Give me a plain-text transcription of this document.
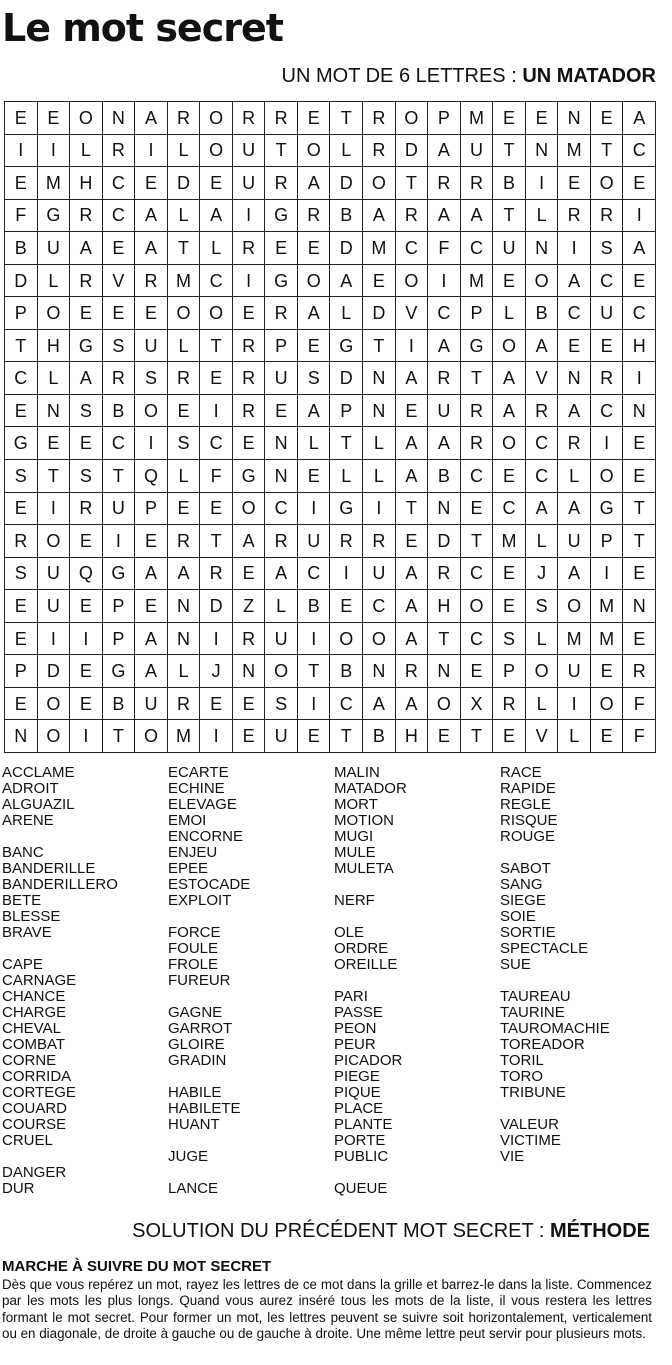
Le mot secret
UN MOT DE 6 LETTRES : UN MATADOR
E	E	O	N	A	R	O	R	R	E	T	R	O	P	M	E	E	N	E	A
I	I	L	R	I	L	O	U	T	O	L	R	D	A	U	T	N	M	T	C
E	M	H	C	E	D	E	U	R	A	D	O	T	R	R	B	I	E	O	E
F	G	R	C	A	L	A	I	G	R	B	A	R	A	A	T	L	R	R	I
B	U	A	E	A	T	L	R	E	E	D	M	C	F	C	U	N	I	S	A
D	L	R	V	R	M	C	I	G	O	A	E	O	I	M	E	O	A	C	E
P	O	E	E	E	O	O	E	R	A	L	D	V	C	P	L	B	C	U	C
T	H	G	S	U	L	T	R	P	E	G	T	I	A	G	O	A	E	E	H
C	L	A	R	S	R	E	R	U	S	D	N	A	R	T	A	V	N	R	I
E	N	S	B	O	E	I	R	E	A	P	N	E	U	R	A	R	A	C	N
G	E	E	C	I	S	C	E	N	L	T	L	A	A	R	O	C	R	I	E
S	T	S	T	Q	L	F	G	N	E	L	L	A	B	C	E	C	L	O	E
E	I	R	U	P	E	E	O	C	I	G	I	T	N	E	C	A	A	G	T
R	O	E	I	E	R	T	A	R	U	R	R	E	D	T	M	L	U	P	T
S	U	Q	G	A	A	R	E	A	C	I	U	A	R	C	E	J	A	I	E
E	U	E	P	E	N	D	Z	L	B	E	C	A	H	O	E	S	O	M	N
E	I	I	P	A	N	I	R	U	I	O	O	A	T	C	S	L	M M	E
P	D	E	G	A	L	J	N	O	T	B	N	R	N	E	P	O	U	E	R
E	O	E	B	U	R	E	E	S	I	C	A	A	O	X	R	L	I	O	F
N	O	I	T	O	M	I	E	U	E	T	B	H	E	T	E	V	L	E	F
ACCLAME
ADROIT
ALGUAZIL
ARENE
BANC
BANDERILLE
BANDERILLERO
BETE
BLESSE
BRAVE
CAPE
CARNAGE
CHANCE
CHARGE
CHEVAL
COMBAT
CORNE
CORRIDA
CORTEGE
COUARD
COURSE
CRUEL
DANGER
DUR
ECARTE
ECHINE
ELEVAGE
EMOI
ENCORNE
ENJEU
EPEE
ESTOCADE
EXPLOIT
FORCE
FOULE
FROLE
FUREUR
GAGNE
GARROT
GLOIRE
GRADIN
HABILE
HABILETE
HUANT
JUGE
LANCE
MALIN
MATADOR
MORT
MOTION
MUGI
MULE
MULETA
NERF
OLE
ORDRE
OREILLE
PARI
PASSE
PEON
PEUR
PICADOR
PIEGE
PIQUE
PLACE
PLANTE
PORTE
PUBLIC
QUEUE
RACE
RAPIDE
REGLE
RISQUE
ROUGE
SABOT
SANG
SIEGE
SOIE
SORTIE
SPECTACLE
SUE
TAUREAU
TAURINE
TAUROMACHIE
TOREADOR
TORIL
TORO
TRIBUNE
VALEUR
VICTIME
VIE
SOLUTION DU PRÉCÉDENT MOT SECRET : MÉTHODE
MARCHE À SUIVRE DU MOT SECRET
Dès que vous repérez un mot, rayez les lettres de ce mot dans la grille et barrez-le dans la liste. Commencez par les mots les plus longs. Quand vous aurez inséré tous les mots de la liste, il vous restera les lettres formant le mot secret. Pour former un mot, les lettres peuvent se suivre soit horizontalement, verticalement ou en diagonale, de droite à gauche ou de gauche à droite. Une même lettre peut servir pour plusieurs mots.
